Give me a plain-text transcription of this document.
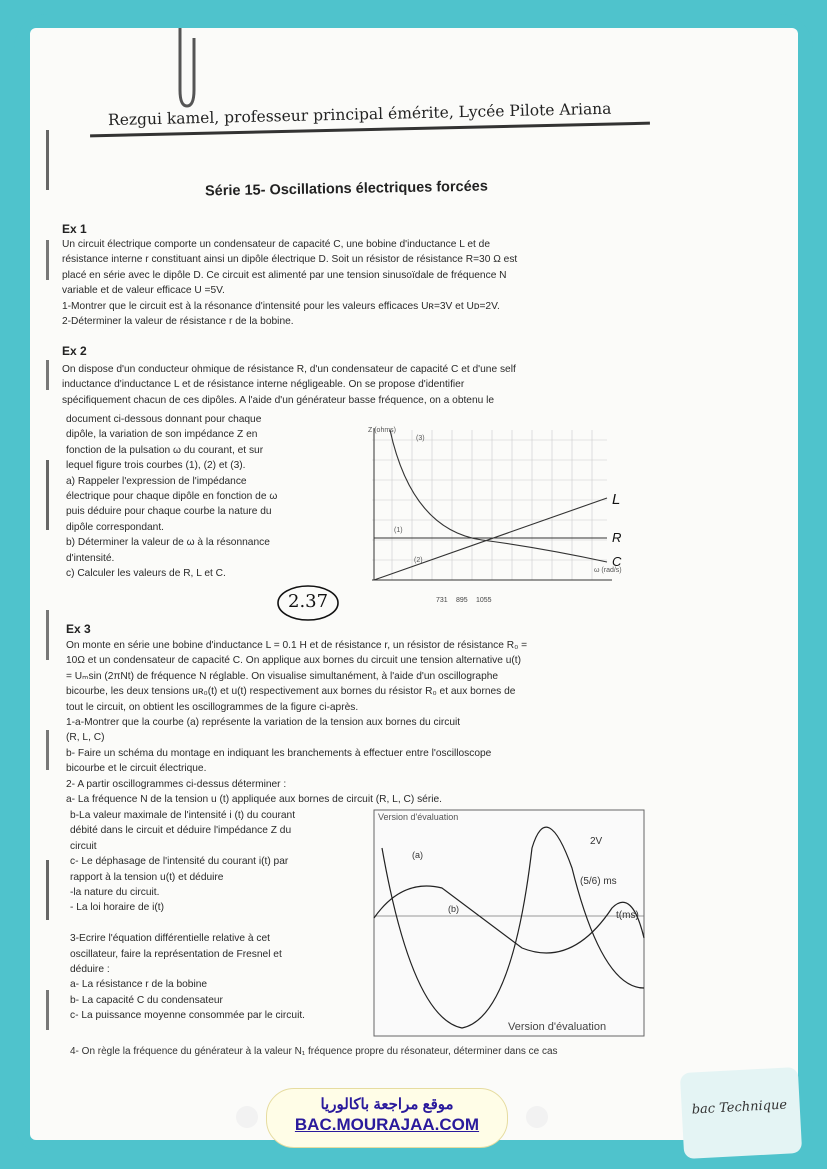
Rezgui kamel, professeur principal émérite, Lycée Pilote Ariana
Série 15- Oscillations électriques forcées
Ex 1
Un circuit électrique comporte un condensateur de capacité C, une bobine d'inductance L et de
résistance interne r constituant ainsi un dipôle électrique D. Soit un résistor de résistance R=30 Ω est
placé en série avec le dipôle D. Ce circuit est alimenté par une tension sinusoïdale de fréquence N
variable et de valeur efficace U =5V.
1-Montrer que le circuit est à la résonance d'intensité pour les valeurs efficaces Uʀ=3V et Uᴅ=2V.
2-Déterminer la valeur de résistance r de la bobine.
Ex 2
On dispose d'un conducteur ohmique de résistance R, d'un condensateur de capacité C et d'une self
inductance d'inductance L et de résistance interne négligeable. On se propose d'identifier
spécifiquement chacun de ces dipôles. A l'aide d'un générateur basse fréquence, on a obtenu le
document ci-dessous donnant pour chaque
dipôle, la variation de son impédance Z en
fonction de la pulsation ω du courant, et sur
lequel figure trois courbes (1), (2) et (3).
a) Rappeler l'expression de l'impédance
électrique pour chaque dipôle en fonction de ω
puis déduire pour chaque courbe la nature du
dipôle correspondant.
b) Déterminer la valeur de ω à la résonnance
d'intensité.
c) Calculer les valeurs de R, L et C.
Z (ohms)
(3)
(1)
(2)
ω (rad/s)
L
R
C
731 895 1055
2.37
Ex 3
On monte en série une bobine d'inductance L = 0.1 H et de résistance r, un résistor de résistance R₀ =
10Ω et un condensateur de capacité C. On applique aux bornes du circuit une tension alternative u(t)
= Uₘsin (2πNt) de fréquence N réglable. On visualise simultanément, à l'aide d'un oscillographe
bicourbe, les deux tensions uʀ₀(t) et u(t) respectivement aux bornes du résistor R₀ et aux bornes de
tout le circuit, on obtient les oscillogrammes de la figure ci-après.
1-a-Montrer que la courbe (a) représente la variation de la tension aux bornes du circuit
(R, L, C)
b- Faire un schéma du montage en indiquant les branchements à effectuer entre l'oscilloscope
bicourbe et le circuit électrique.
2- A partir oscillogrammes ci-dessus déterminer :
a- La fréquence N de la tension u (t) appliquée aux bornes de circuit (R, L, C) série.
b-La valeur maximale de l'intensité i (t) du courant
débité dans le circuit et déduire l'impédance Z du
circuit
c- Le déphasage de l'intensité du courant i(t) par
rapport à la tension u(t) et déduire
-la nature du circuit.
- La loi horaire de i(t)

3-Ecrire l'équation différentielle relative à cet
oscillateur, faire la représentation de Fresnel et
déduire :
a- La résistance r de la bobine
b- La capacité C du condensateur
c- La puissance moyenne consommée par le circuit.
Version d'évaluation
Version d'évaluation
(a)
(b)
2V
(5/6) ms
t(ms)
4- On règle la fréquence du générateur à la valeur N₁ fréquence propre du résonateur, déterminer dans ce cas
موقع مراجعة باكالوريا
BAC.MOURAJAA.COM
bac Technique
